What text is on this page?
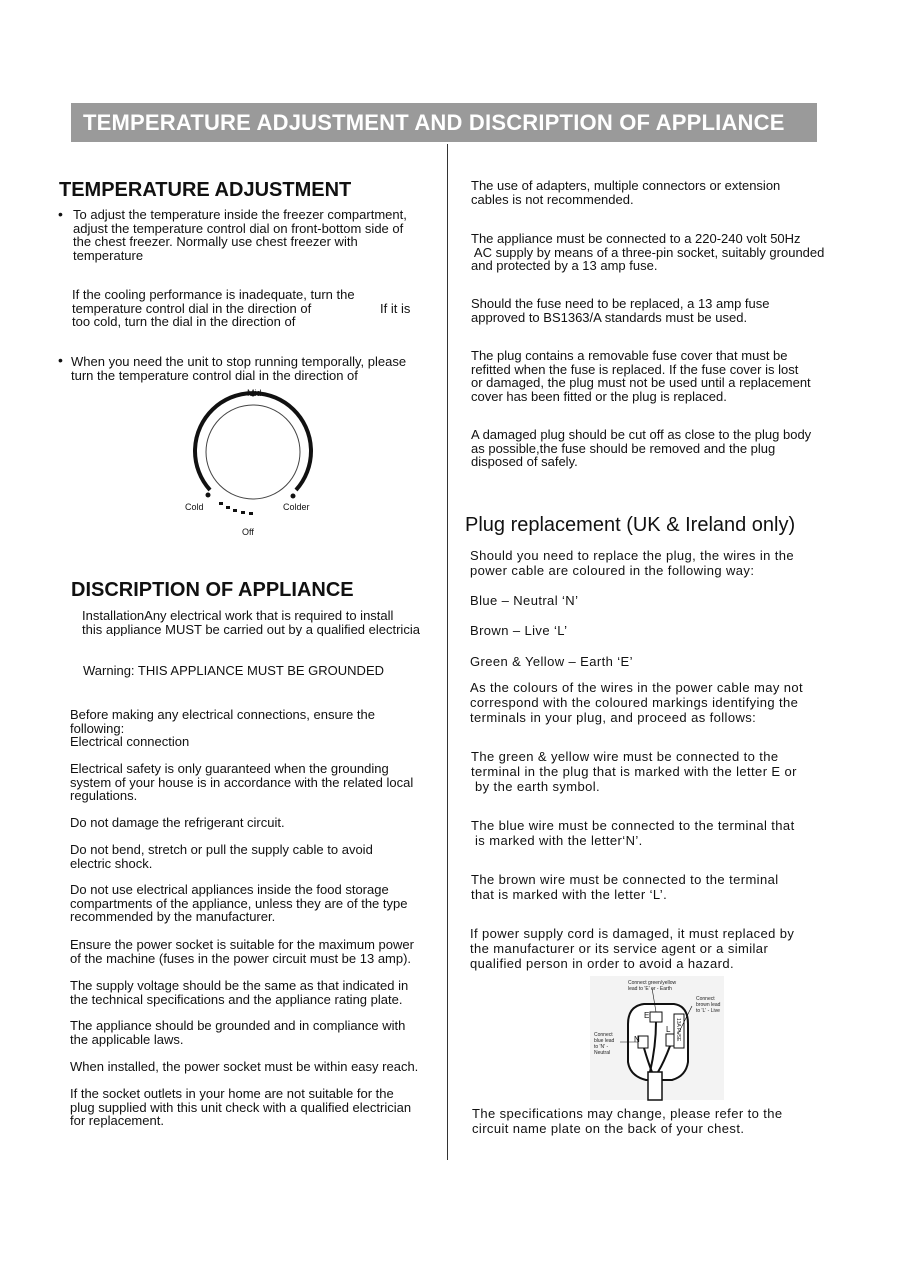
TEMPERATURE ADJUSTMENT AND DISCRIPTION OF APPLIANCE
TEMPERATURE ADJUSTMENT
• To adjust the temperature inside the freezer compartment,
adjust the temperature control dial on front-bottom side of
the chest freezer. Normally use chest freezer with
temperature
If the cooling performance is inadequate, turn the
temperature control dial in the direction of
too cold, turn the dial in the direction of
If it is
• When you need the unit to stop running temporally, please
turn the temperature control dial in the direction of
Mid
Cold	Colder
Off
DISCRIPTION OF APPLIANCE
InstallationAny electrical work that is required to install
this appliance MUST be carried out by a qualified electricia
Warning: THIS APPLIANCE MUST BE GROUNDED
Before making any electrical connections, ensure the
following:
Electrical connection
Electrical safety is only guaranteed when the grounding
system of your house is in accordance with the related local
regulations.
Do not damage the refrigerant circuit.
Do not bend, stretch or pull the supply cable to avoid
electric shock.
Do not use electrical appliances inside the food storage
compartments of the appliance, unless they are of the type
recommended by the manufacturer.
Ensure the power socket is suitable for the maximum power
of the machine (fuses in the power circuit must be 13 amp).
The supply voltage should be the same as that indicated in
the technical specifications and the appliance rating plate.
The appliance should be grounded and in compliance with
the applicable laws.
When installed, the power socket must be within easy reach.
If the socket outlets in your home are not suitable for the
plug supplied with this unit check with a qualified electrician
for replacement.
The use of adapters, multiple connectors or extension
cables is not recommended.
The appliance must be connected to a 220-240 volt 50Hz
AC supply by means of a three-pin socket, suitably grounded
and protected by a 13 amp fuse.
Should the fuse need to be replaced, a 13 amp fuse
approved to BS1363/A standards must be used.
The plug contains a removable fuse cover that must be
refitted when the fuse is replaced. If the fuse cover is lost
or damaged, the plug must not be used until a replacement
cover has been fitted or the plug is replaced.
A damaged plug should be cut off as close to the plug body
as possible,the fuse should be removed and the plug
disposed of safely.
Plug replacement (UK & Ireland only)
Should you need to replace the plug, the wires in the
power cable are coloured in the following way:
Blue – Neutral ‘N’
Brown – Live ‘L’
Green & Yellow – Earth ‘E’
As the colours of the wires in the power cable may not
correspond with the coloured markings identifying the
terminals in your plug, and proceed as follows:
The green & yellow wire must be connected to the
terminal in the plug that is marked with the letter E or
by the earth symbol.
The blue wire must be connected to the terminal that
is marked with the letter‘N’.
The brown wire must be connected to the terminal
that is marked with the letter ‘L’.
If power supply cord is damaged, it must replaced by
the manufacturer or its service agent or a similar
qualified person in order to avoid a hazard.
Connect green/yellow
lead to 'E' or - Earth
Connect
brown lead
to 'L' - Live
Connect
blue lead
to 'N' -
Neutral
E
N
L 13A FUSE
The specifications may change, please refer to the
circuit name plate on the back of your chest.
